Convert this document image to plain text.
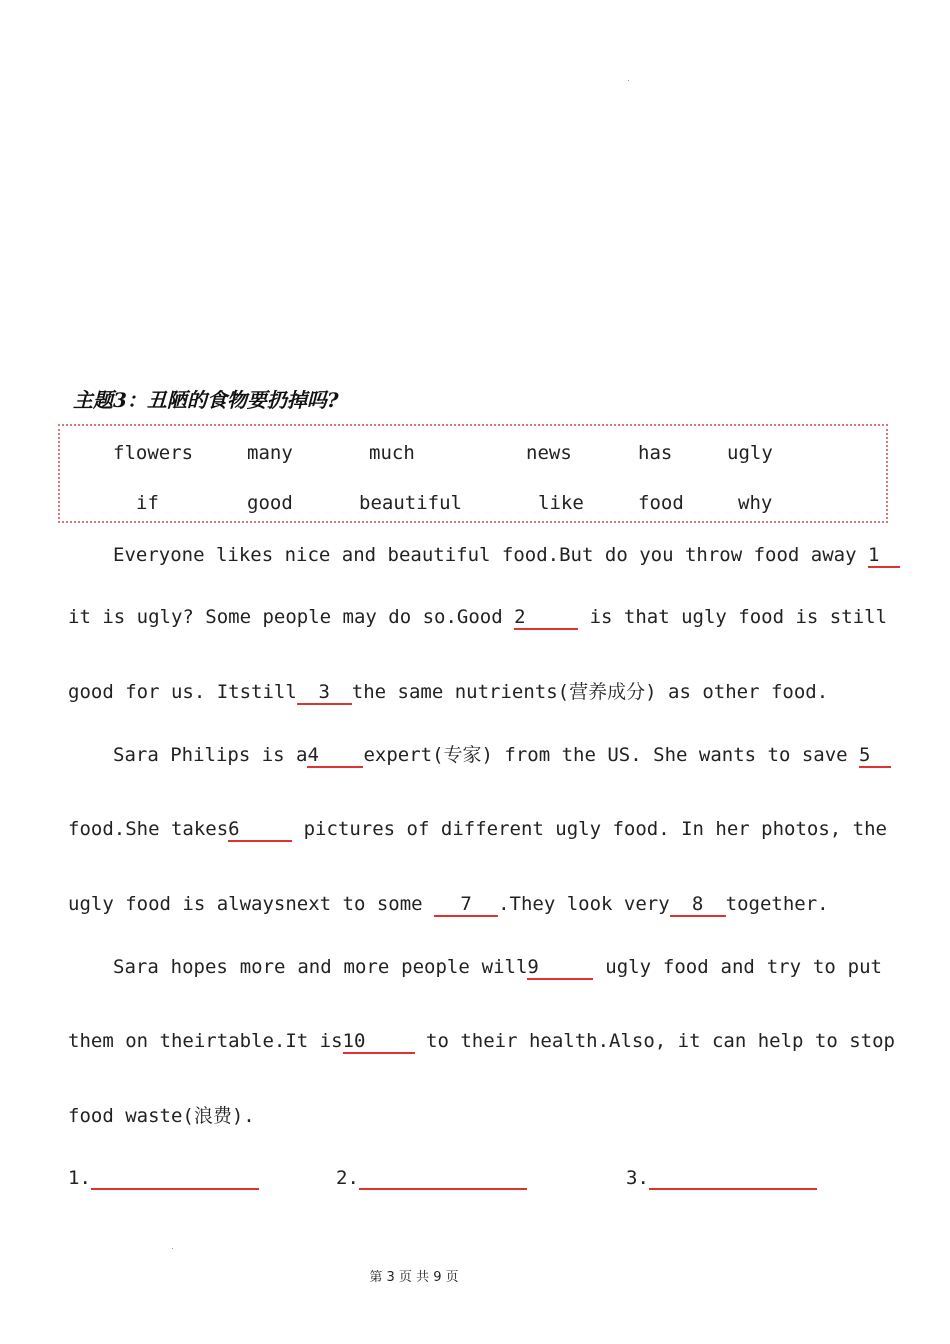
主题3：丑陋的食物要扔掉吗?
flowers	many	much	news	has	ugly
if	good	beautiful	like	food	why
Everyone likes nice and beautiful food.But do you throw food away 1
it is ugly? Some people may do so.Good 2	is that ugly food is still
good for us. Itstill 3 the same nutrients(营养成分) as other food.
Sara Philips is a4 expert(专家) from the US. She wants to save 5
food.She takes6	pictures of different ugly food. In her photos, the
ugly food is alwaysnext to some 7 .They look very 8 together.
Sara hopes more and more people will9	ugly food and try to put
them on theirtable.It is10	to their health.Also, it can help to stop
food waste(浪费).
1.	2.	3.
第 3 页 共 9 页
